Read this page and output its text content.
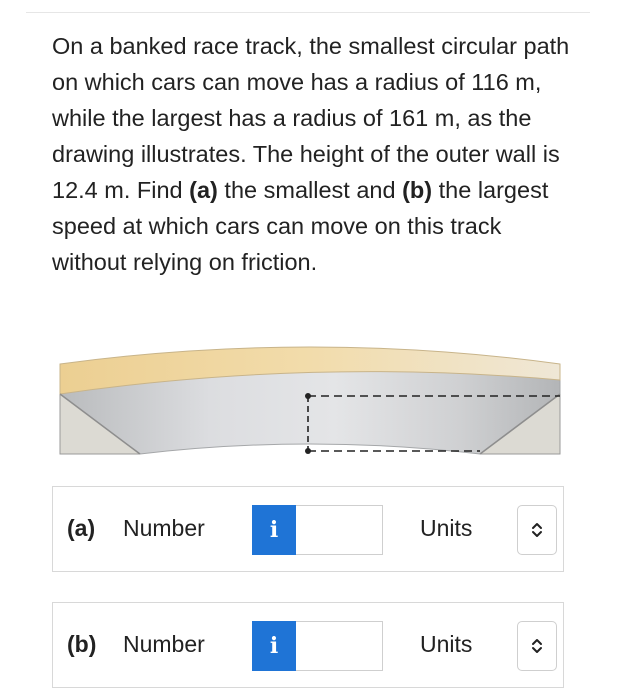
On a banked race track, the smallest circular path on which cars can move has a radius of 116 m, while the largest has a radius of 161 m, as the drawing illustrates. The height of the outer wall is 12.4 m. Find (a) the smallest and (b) the largest speed at which cars can move on this track without relying on friction.

(a) Number	i	Units
(b) Number	i	Units
